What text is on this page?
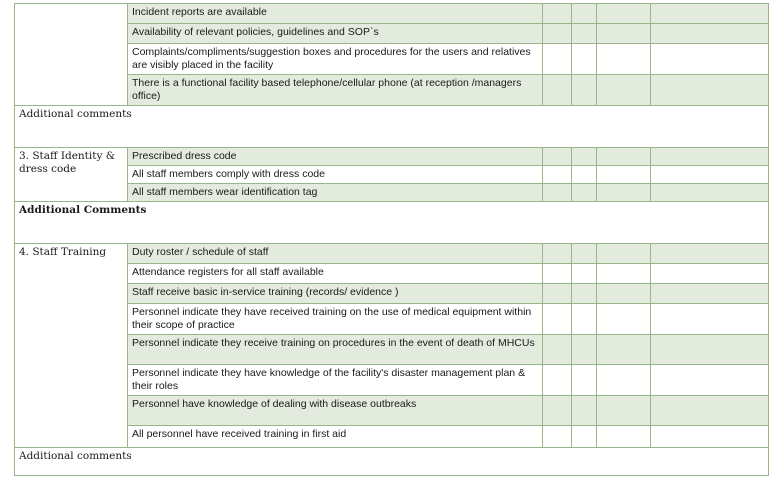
	Incident reports are available				
	Availability of relevant policies, guidelines and SOP`s				
	Complaints/compliments/suggestion boxes and procedures for the users and relatives are visibly placed in the facility				
	There is a functional facility based telephone/cellular phone (at reception /managers office)				
Additional comments					
3. Staff Identity & dress code	Prescribed dress code				
	All staff members comply with dress code				
	All staff members wear identification tag				
Additional Comments					
4. Staff Training	Duty roster / schedule of staff				
	Attendance registers for all staff available				
	Staff receive basic in-service training (records/ evidence )				
	Personnel indicate they have received training on the use of medical equipment within their scope of practice				
	Personnel indicate they receive training on procedures in the event of death of MHCUs				
	Personnel indicate they have knowledge of the facility's disaster management plan & their roles				
	Personnel have knowledge of dealing with disease outbreaks				
	All personnel have received training in first aid				
Additional comments					
